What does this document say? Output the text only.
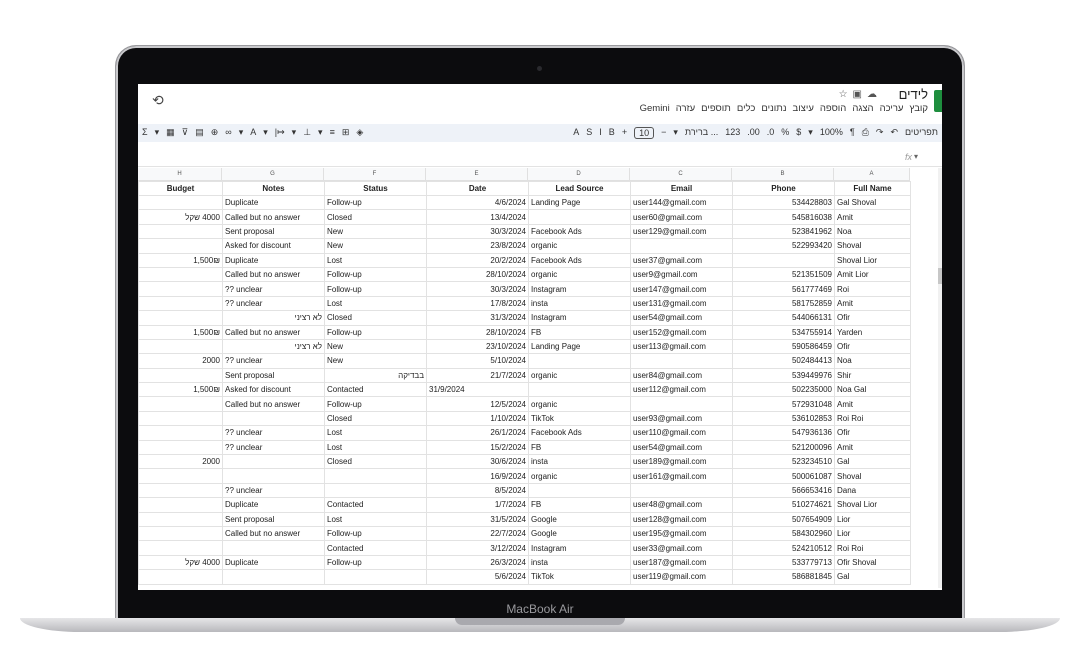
MacBook Air
⟲	לידים
☆▣☁
קובץ
עריכה
הצגה
הוספה
עיצוב
נתונים
כלים
תוספים
עזרה
Gemini
Σ ▾ ▦ ⊽ ▤ ⊕ ∞ ▾ A ▾ |↦ ▾ ⊥ ▾ ≡ ⊞ ◈	A S I B +	10	− ▾ ברירת ... 123 .00 .0 % $ ▾ 100% ¶ ⎙ ↷ ↶ תפריטים
fx ▾
H	G	F	E	D	C	B	A
Budget	Notes	Status	Date	Lead Source	Email	Phone	Full Name
	Duplicate	Follow-up	4/6/2024	Landing Page	user144@gmail.com	534428803	Gal Shoval
4000 שקל	Called but no answer	Closed	13/4/2024		user60@gmail.com	545816038	Amit
	Sent proposal	New	30/3/2024	Facebook Ads	user129@gmail.com	523841962	Noa
	Asked for discount	New	23/8/2024	organic		522993420	Shoval
1,500₪	Duplicate	Lost	20/2/2024	Facebook Ads	user37@gmail.com		Shoval Lior
	Called but no answer	Follow-up	28/10/2024	organic	user9@gmail.com	521351509	Amit Lior
	?? unclear	Follow-up	30/3/2024	Instagram	user147@gmail.com	561777469	Roi
	?? unclear	Lost	17/8/2024	insta	user131@gmail.com	581752859	Amit
	לא רציני	Closed	31/3/2024	Instagram	user54@gmail.com	544066131	Ofir
1,500₪	Called but no answer	Follow-up	28/10/2024	FB	user152@gmail.com	534755914	Yarden
	לא רציני	New	23/10/2024	Landing Page	user113@gmail.com	590586459	Ofir
2000	?? unclear	New	5/10/2024			502484413	Noa
	Sent proposal	בבדיקה	21/7/2024	organic	user84@gmail.com	539449976	Shir
1,500₪	Asked for discount	Contacted	31/9/2024		user112@gmail.com	502235000	Noa Gal
	Called but no answer	Follow-up	12/5/2024	organic		572931048	Amit
		Closed	1/10/2024	TikTok	user93@gmail.com	536102853	Roi Roi
	?? unclear	Lost	26/1/2024	Facebook Ads	user110@gmail.com	547936136	Ofir
	?? unclear	Lost	15/2/2024	FB	user54@gmail.com	521200096	Amit
2000		Closed	30/6/2024	insta	user189@gmail.com	523234510	Gal
			16/9/2024	organic	user161@gmail.com	500061087	Shoval
	?? unclear		8/5/2024			566653416	Dana
	Duplicate	Contacted	1/7/2024	FB	user48@gmail.com	510274621	Shoval Lior
	Sent proposal	Lost	31/5/2024	Google	user128@gmail.com	507654909	Lior
	Called but no answer	Follow-up	22/7/2024	Google	user195@gmail.com	584302960	Lior
		Contacted	3/12/2024	Instagram	user33@gmail.com	524210512	Roi Roi
4000 שקל	Duplicate	Follow-up	26/3/2024	insta	user187@gmail.com	533779713	Ofir Shoval
			5/6/2024	TikTok	user119@gmail.com	586881845	Gal
